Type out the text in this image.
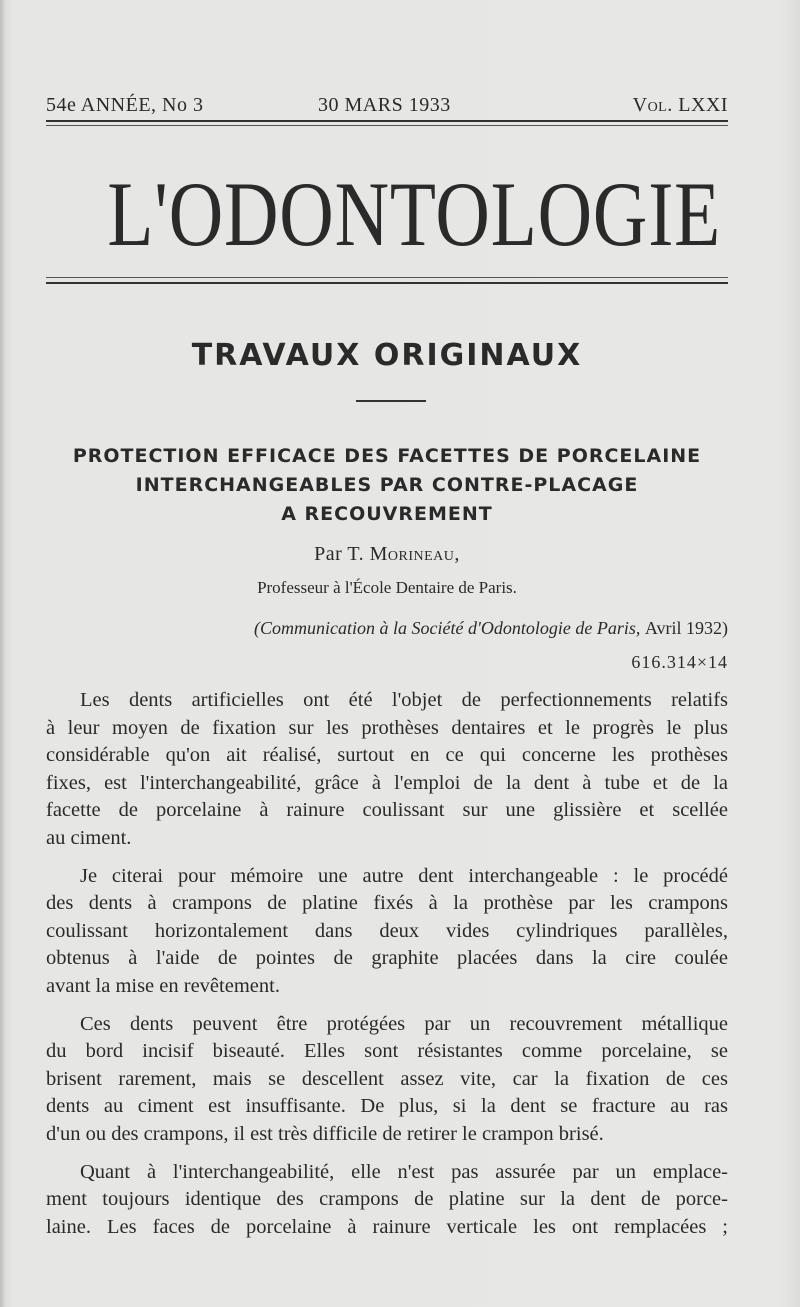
54e ANNÉE, No 3	30 MARS 1933	Vol. LXXI
L'ODONTOLOGIE
TRAVAUX ORIGINAUX
PROTECTION EFFICACE DES FACETTES DE PORCELAINE
INTERCHANGEABLES PAR CONTRE-PLACAGE
A RECOUVREMENT
Par T. Morineau,
Professeur à l'École Dentaire de Paris.
(Communication à la Société d'Odontologie de Paris, Avril 1932)
616.314×14

Les dents artificielles ont été l'objet de perfectionnements relatifs
à leur moyen de fixation sur les prothèses dentaires et le progrès le plus
considérable qu'on ait réalisé, surtout en ce qui concerne les prothèses
fixes, est l'interchangeabilité, grâce à l'emploi de la dent à tube et de la
facette de porcelaine à rainure coulissant sur une glissière et scellée
au ciment.

Je citerai pour mémoire une autre dent interchangeable : le procédé
des dents à crampons de platine fixés à la prothèse par les crampons
coulissant horizontalement dans deux vides cylindriques parallèles,
obtenus à l'aide de pointes de graphite placées dans la cire coulée
avant la mise en revêtement.

Ces dents peuvent être protégées par un recouvrement métallique
du bord incisif biseauté. Elles sont résistantes comme porcelaine, se
brisent rarement, mais se descellent assez vite, car la fixation de ces
dents au ciment est insuffisante. De plus, si la dent se fracture au ras
d'un ou des crampons, il est très difficile de retirer le crampon brisé.

Quant à l'interchangeabilité, elle n'est pas assurée par un emplace-
ment toujours identique des crampons de platine sur la dent de porce-
laine. Les faces de porcelaine à rainure verticale les ont remplacées ;
